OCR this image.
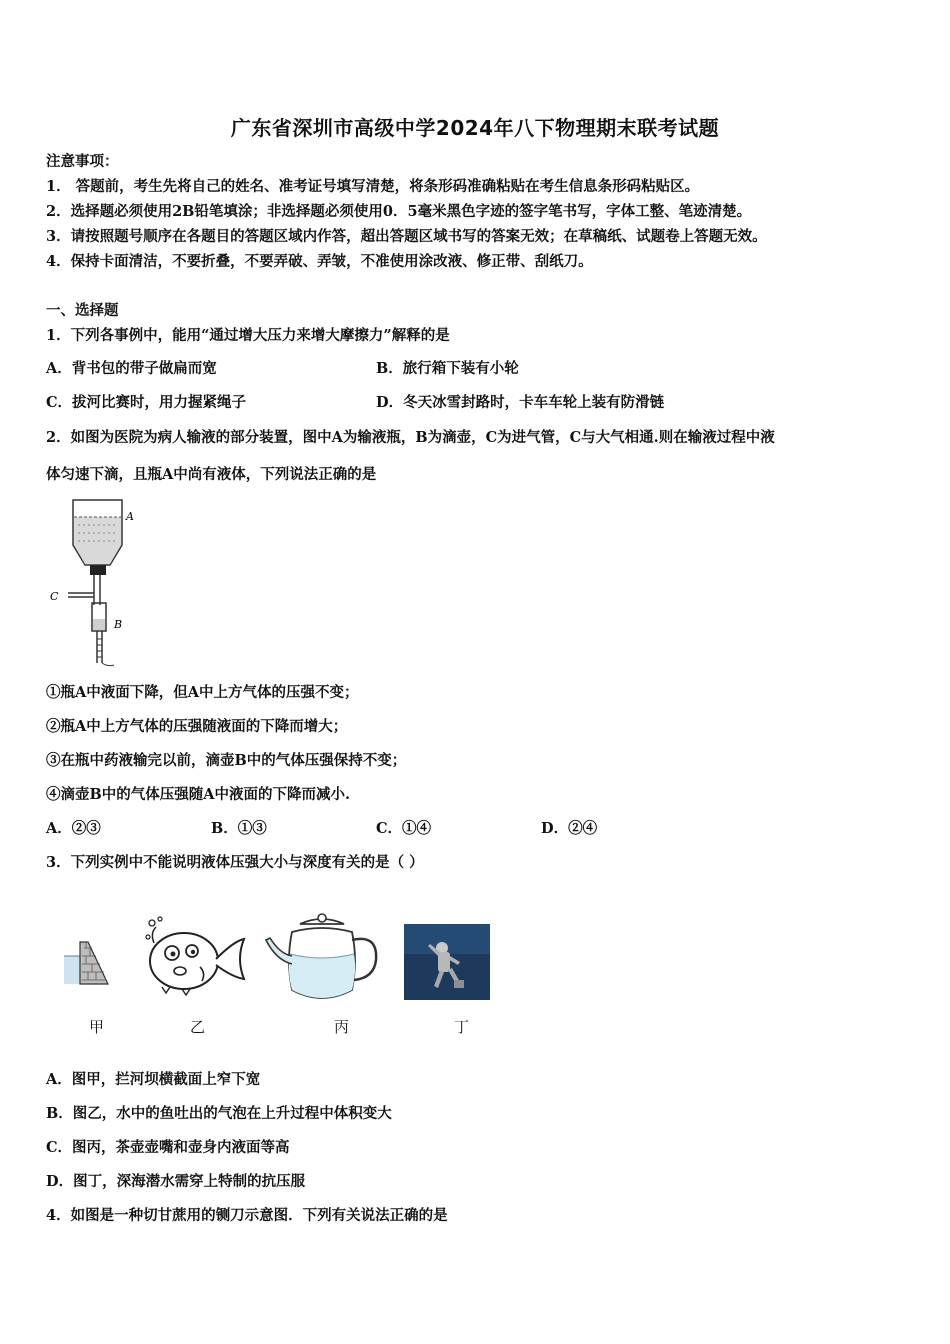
广东省深圳市高级中学2024年八下物理期末联考试题
注意事项：
1． 答题前，考生先将自己的姓名、准考证号填写清楚，将条形码准确粘贴在考生信息条形码粘贴区。
2．选择题必须使用2B铅笔填涂；非选择题必须使用0．5毫米黑色字迹的签字笔书写，字体工整、笔迹清楚。
3．请按照题号顺序在各题目的答题区域内作答，超出答题区域书写的答案无效；在草稿纸、试题卷上答题无效。
4．保持卡面清洁，不要折叠，不要弄破、弄皱，不准使用涂改液、修正带、刮纸刀。
一、选择题
1．下列各事例中，能用“通过增大压力来增大摩擦力”解释的是
A．背书包的带子做扁而宽	B．旅行箱下装有小轮
C．拔河比赛时，用力握紧绳子	D．冬天冰雪封路时，卡车车轮上装有防滑链
2．如图为医院为病人输液的部分装置，图中A为输液瓶，B为滴壶，C为进气管，C与大气相通.则在输液过程中液
体匀速下滴，且瓶A中尚有液体，下列说法正确的是
A
C
B
①瓶A中液面下降，但A中上方气体的压强不变；
②瓶A中上方气体的压强随液面的下降而增大；
③在瓶中药液输完以前，滴壶B中的气体压强保持不变；
④滴壶B中的气体压强随A中液面的下降而减小.
A．②③	B．①③	C．①④	D．②④
3．下列实例中不能说明液体压强大小与深度有关的是（ ）
甲	乙	丙	丁
A．图甲，拦河坝横截面上窄下宽
B．图乙，水中的鱼吐出的气泡在上升过程中体积变大
C．图丙，茶壶壶嘴和壶身内液面等高
D．图丁，深海潜水需穿上特制的抗压服
4．如图是一种切甘蔗用的铡刀示意图．下列有关说法正确的是
